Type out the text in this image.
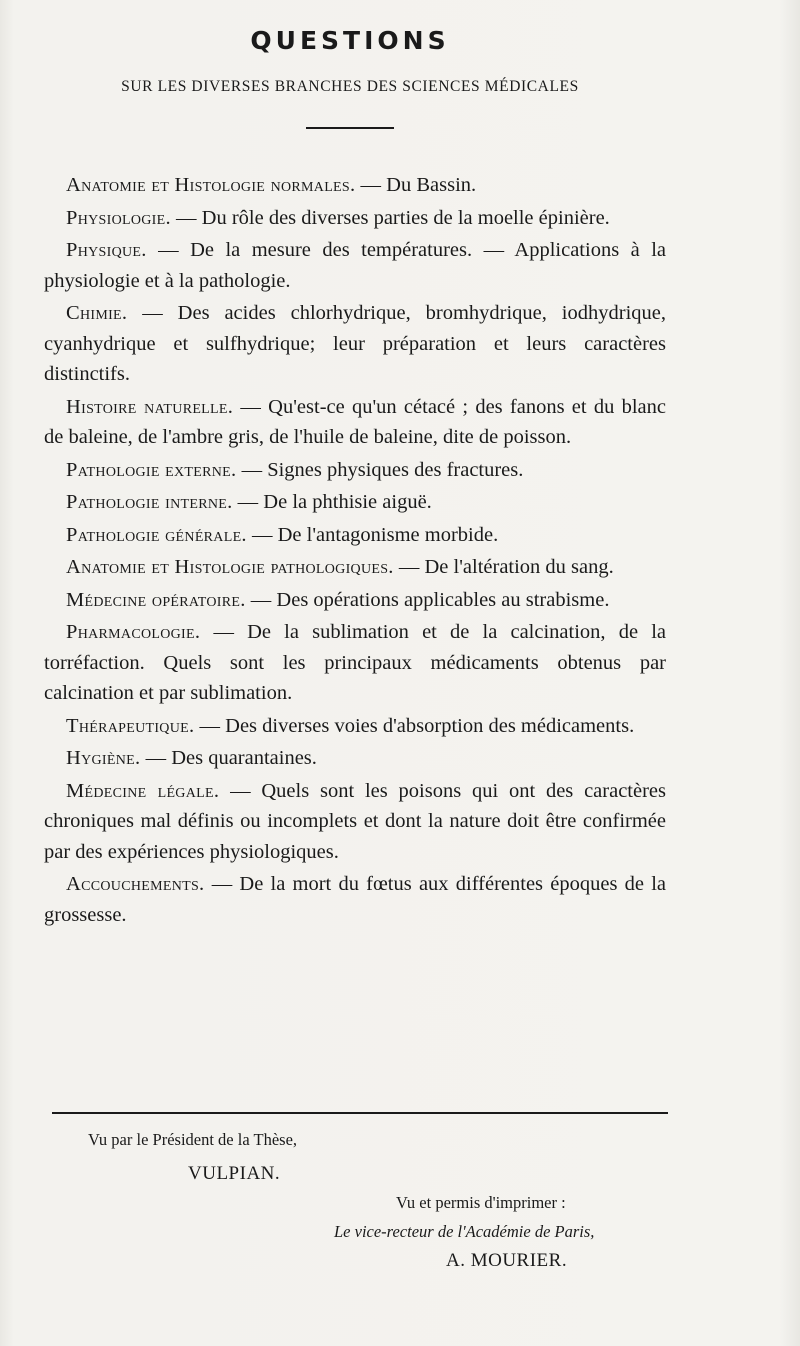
QUESTIONS
SUR LES DIVERSES BRANCHES DES SCIENCES MÉDICALES

Anatomie et Histologie normales. — Du Bassin.

Physiologie. — Du rôle des diverses parties de la moelle épinière.

Physique. — De la mesure des températures. — Applications à la physiologie et à la pathologie.

Chimie. — Des acides chlorhydrique, bromhydrique, iodhydrique, cyanhydrique et sulfhydrique; leur préparation et leurs caractères distinctifs.

Histoire naturelle. — Qu'est-ce qu'un cétacé ; des fanons et du blanc de baleine, de l'ambre gris, de l'huile de baleine, dite de poisson.

Pathologie externe. — Signes physiques des fractures.

Pathologie interne. — De la phthisie aiguë.

Pathologie générale. — De l'antagonisme morbide.

Anatomie et Histologie pathologiques. — De l'altération du sang.

Médecine opératoire. — Des opérations applicables au strabisme.

Pharmacologie. — De la sublimation et de la calcination, de la torréfaction. Quels sont les principaux médicaments obtenus par calcination et par sublimation.

Thérapeutique. — Des diverses voies d'absorption des médicaments.

Hygiène. — Des quarantaines.

Médecine légale. — Quels sont les poisons qui ont des caractères chroniques mal définis ou incomplets et dont la nature doit être confirmée par des expériences physiologiques.

Accouchements. — De la mort du fœtus aux différentes époques de la grossesse.

Vu par le Président de la Thèse,
VULPIAN.
Vu et permis d'imprimer :
Le vice-recteur de l'Académie de Paris,
A. MOURIER.
